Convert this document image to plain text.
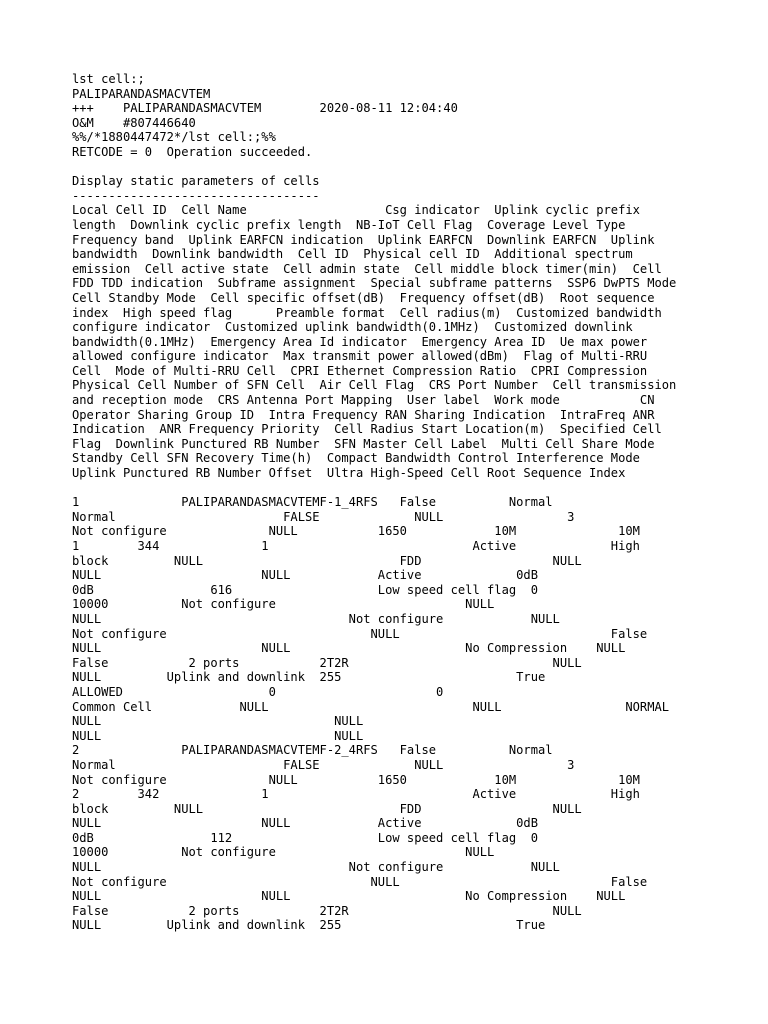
lst cell:;
PALIPARANDASMACVTEM
+++    PALIPARANDASMACVTEM        2020-08-11 12:04:40
O&M    #807446640
%%/*1880447472*/lst cell:;%%
RETCODE = 0  Operation succeeded.

Display static parameters of cells
----------------------------------
Local Cell ID  Cell Name                   Csg indicator  Uplink cyclic prefix
length  Downlink cyclic prefix length  NB-IoT Cell Flag  Coverage Level Type
Frequency band  Uplink EARFCN indication  Uplink EARFCN  Downlink EARFCN  Uplink
bandwidth  Downlink bandwidth  Cell ID  Physical cell ID  Additional spectrum
emission  Cell active state  Cell admin state  Cell middle block timer(min)  Cell
FDD TDD indication  Subframe assignment  Special subframe patterns  SSP6 DwPTS Mode
Cell Standby Mode  Cell specific offset(dB)  Frequency offset(dB)  Root sequence
index  High speed flag      Preamble format  Cell radius(m)  Customized bandwidth
configure indicator  Customized uplink bandwidth(0.1MHz)  Customized downlink
bandwidth(0.1MHz)  Emergency Area Id indicator  Emergency Area ID  Ue max power
allowed configure indicator  Max transmit power allowed(dBm)  Flag of Multi-RRU
Cell  Mode of Multi-RRU Cell  CPRI Ethernet Compression Ratio  CPRI Compression
Physical Cell Number of SFN Cell  Air Cell Flag  CRS Port Number  Cell transmission
and reception mode  CRS Antenna Port Mapping  User label  Work mode           CN
Operator Sharing Group ID  Intra Frequency RAN Sharing Indication  IntraFreq ANR
Indication  ANR Frequency Priority  Cell Radius Start Location(m)  Specified Cell
Flag  Downlink Punctured RB Number  SFN Master Cell Label  Multi Cell Share Mode
Standby Cell SFN Recovery Time(h)  Compact Bandwidth Control Interference Mode
Uplink Punctured RB Number Offset  Ultra High-Speed Cell Root Sequence Index

1              PALIPARANDASMACVTEMF-1_4RFS   False          Normal
Normal                       FALSE             NULL                 3
Not configure              NULL           1650            10M              10M
1        344              1                            Active             High
block         NULL                           FDD                  NULL
NULL                      NULL            Active             0dB
0dB                616                    Low speed cell flag  0
10000          Not configure                          NULL
NULL                                  Not configure            NULL
Not configure                            NULL                             False
NULL                      NULL                        No Compression    NULL
False           2 ports           2T2R                            NULL
NULL         Uplink and downlink  255                        True
ALLOWED                    0                      0
Common Cell            NULL                            NULL                 NORMAL
NULL                                NULL
NULL                                NULL
2              PALIPARANDASMACVTEMF-2_4RFS   False          Normal
Normal                       FALSE             NULL                 3
Not configure              NULL           1650            10M              10M
2        342              1                            Active             High
block         NULL                           FDD                  NULL
NULL                      NULL            Active             0dB
0dB                112                    Low speed cell flag  0
10000          Not configure                          NULL
NULL                                  Not configure            NULL
Not configure                            NULL                             False
NULL                      NULL                        No Compression    NULL
False           2 ports           2T2R                            NULL
NULL         Uplink and downlink  255                        True
